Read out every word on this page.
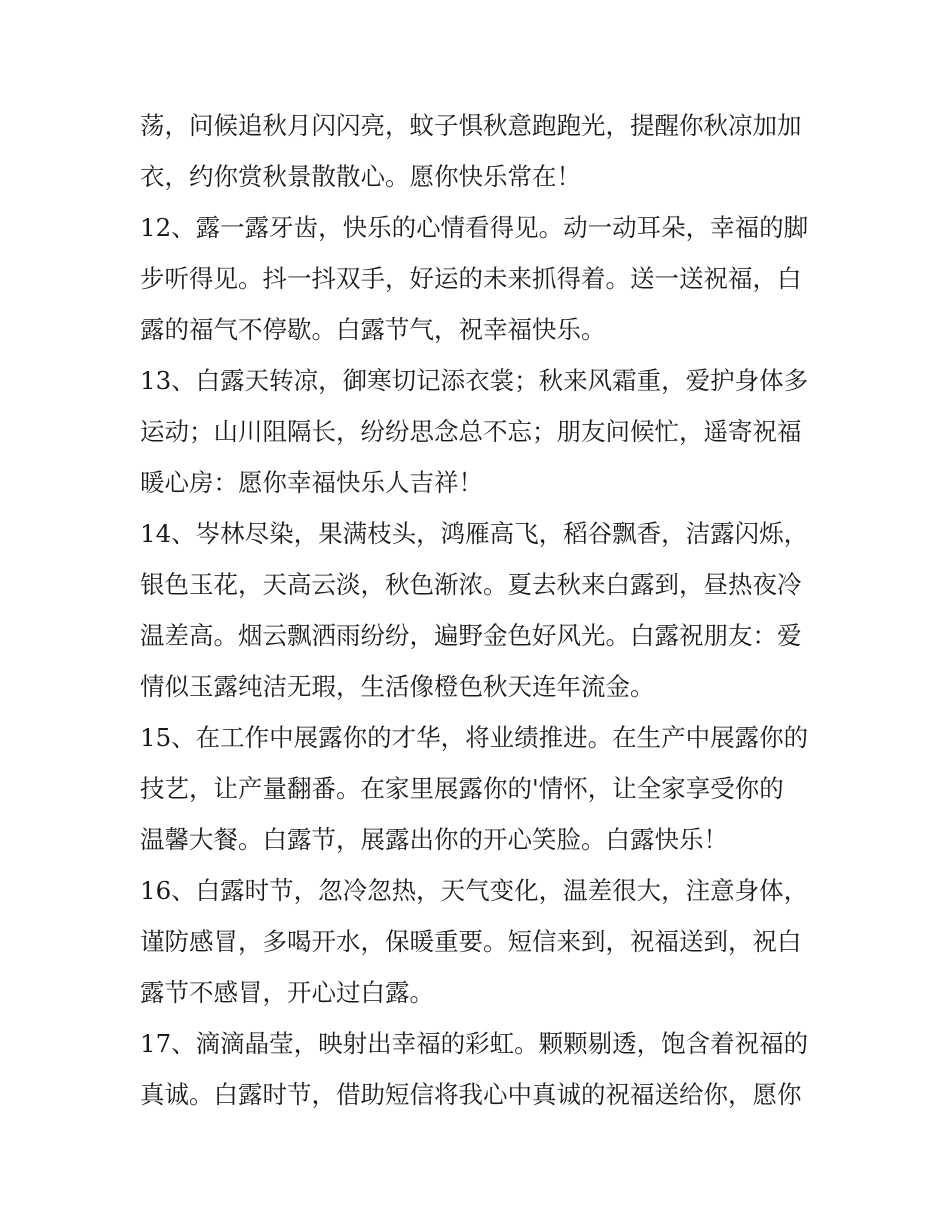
荡，问候追秋月闪闪亮，蚊子惧秋意跑跑光，提醒你秋凉加加
衣，约你赏秋景散散心。愿你快乐常在！
12、露一露牙齿，快乐的心情看得见。动一动耳朵，幸福的脚
步听得见。抖一抖双手，好运的未来抓得着。送一送祝福，白
露的福气不停歇。白露节气，祝幸福快乐。
13、白露天转凉，御寒切记添衣裳；秋来风霜重，爱护身体多
运动；山川阻隔长，纷纷思念总不忘；朋友问候忙，遥寄祝福
暖心房：愿你幸福快乐人吉祥！
14、岑林尽染，果满枝头，鸿雁高飞，稻谷飘香，洁露闪烁，
银色玉花，天高云淡，秋色渐浓。夏去秋来白露到，昼热夜冷
温差高。烟云飘洒雨纷纷，遍野金色好风光。白露祝朋友：爱
情似玉露纯洁无瑕，生活像橙色秋天连年流金。
15、在工作中展露你的才华，将业绩推进。在生产中展露你的
技艺，让产量翻番。在家里展露你的'情怀，让全家享受你的
温馨大餐。白露节，展露出你的开心笑脸。白露快乐！
16、白露时节，忽冷忽热，天气变化，温差很大，注意身体，
谨防感冒，多喝开水，保暖重要。短信来到，祝福送到，祝白
露节不感冒，开心过白露。
17、滴滴晶莹，映射出幸福的彩虹。颗颗剔透，饱含着祝福的
真诚。白露时节，借助短信将我心中真诚的祝福送给你，愿你
